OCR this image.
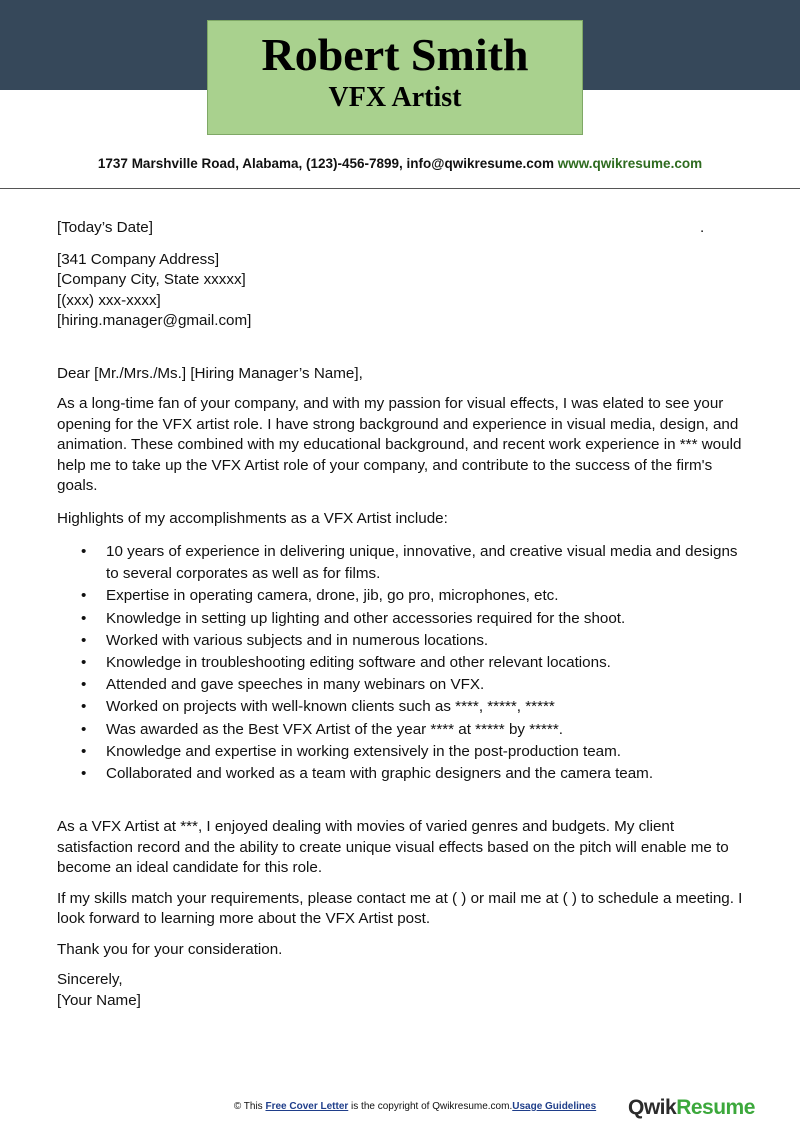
Robert Smith
VFX Artist
1737 Marshville Road, Alabama, (123)-456-7899, info@qwikresume.com www.qwikresume.com

[Today’s Date]	.

[341 Company Address]
[Company City, State xxxxx]
[(xxx) xxx-xxxx]
[hiring.manager@gmail.com]

Dear [Mr./Mrs./Ms.] [Hiring Manager’s Name],

As a long-time fan of your company, and with my passion for visual effects, I was elated to see your opening for the VFX artist role. I have strong background and experience in visual media, design, and animation. These combined with my educational background, and recent work experience in *** would help me to take up the VFX Artist role of your company, and contribute to the success of the firm's goals.

Highlights of my accomplishments as a VFX Artist include:

• 10 years of experience in delivering unique, innovative, and creative visual media and designs to several corporates as well as for films.
• Expertise in operating camera, drone, jib, go pro, microphones, etc.
• Knowledge in setting up lighting and other accessories required for the shoot.
• Worked with various subjects and in numerous locations.
• Knowledge in troubleshooting editing software and other relevant locations.
• Attended and gave speeches in many webinars on VFX.
• Worked on projects with well-known clients such as ****, *****, *****
• Was awarded as the Best VFX Artist of the year **** at ***** by *****.
• Knowledge and expertise in working extensively in the post-production team.
• Collaborated and worked as a team with graphic designers and the camera team.

As a VFX Artist at ***, I enjoyed dealing with movies of varied genres and budgets. My client satisfaction record and the ability to create unique visual effects based on the pitch will enable me to become an ideal candidate for this role.

If my skills match your requirements, please contact me at ( ) or mail me at ( ) to schedule a meeting. I look forward to learning more about the VFX Artist post.

Thank you for your consideration.

Sincerely,
[Your Name]

© This Free Cover Letter is the copyright of Qwikresume.com.Usage Guidelines	QwikResume
